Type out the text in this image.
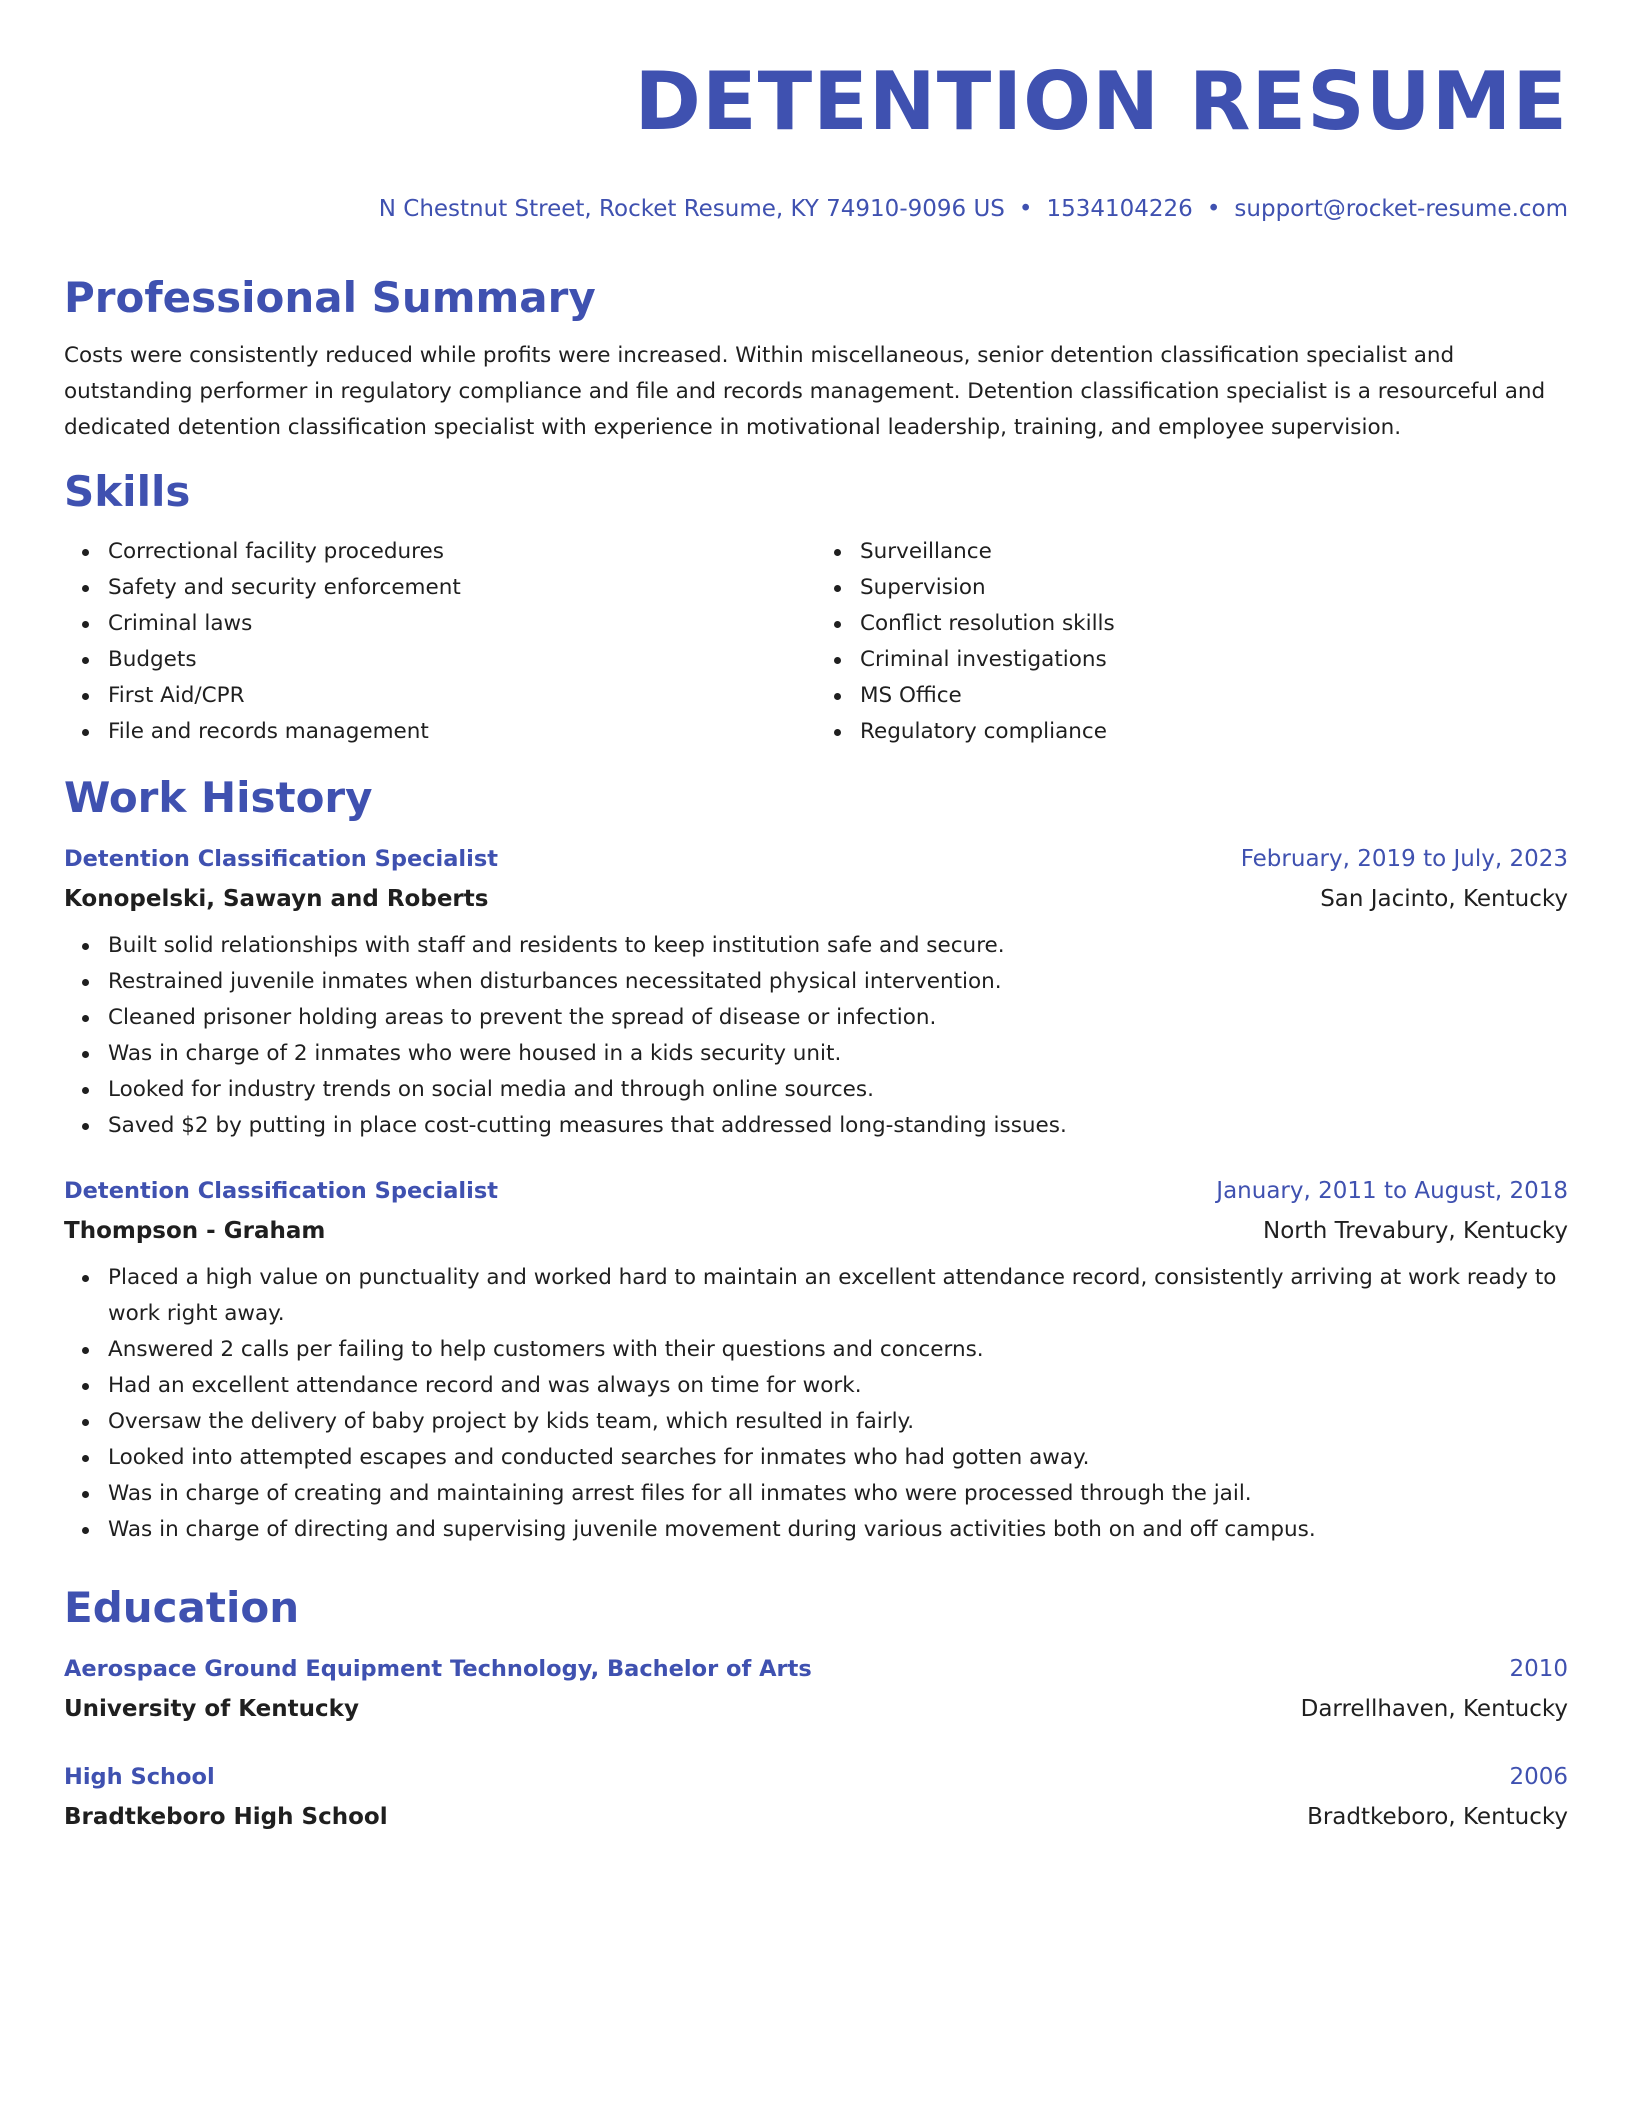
DETENTION RESUME
N Chestnut Street, Rocket Resume, KY 74910-9096 US • 1534104226 • support@rocket-resume.com
Professional Summary

Costs were consistently reduced while profits were increased. Within miscellaneous, senior detention classification specialist and outstanding performer in regulatory compliance and file and records management. Detention classification specialist is a resourceful and dedicated detention classification specialist with experience in motivational leadership, training, and employee supervision.

Skills
Correctional facility procedures
Safety and security enforcement
Criminal laws
Budgets
First Aid/CPR
File and records management
Surveillance
Supervision
Conflict resolution skills
Criminal investigations
MS Office
Regulatory compliance
Work History
Detention Classification Specialist	February, 2019 to July, 2023
Konopelski, Sawayn and Roberts	San Jacinto, Kentucky
Built solid relationships with staff and residents to keep institution safe and secure.
Restrained juvenile inmates when disturbances necessitated physical intervention.
Cleaned prisoner holding areas to prevent the spread of disease or infection.
Was in charge of 2 inmates who were housed in a kids security unit.
Looked for industry trends on social media and through online sources.
Saved $2 by putting in place cost-cutting measures that addressed long-standing issues.
Detention Classification Specialist	January, 2011 to August, 2018
Thompson - Graham	North Trevabury, Kentucky
Placed a high value on punctuality and worked hard to maintain an excellent attendance record, consistently arriving at work ready to work right away.
Answered 2 calls per failing to help customers with their questions and concerns.
Had an excellent attendance record and was always on time for work.
Oversaw the delivery of baby project by kids team, which resulted in fairly.
Looked into attempted escapes and conducted searches for inmates who had gotten away.
Was in charge of creating and maintaining arrest files for all inmates who were processed through the jail.
Was in charge of directing and supervising juvenile movement during various activities both on and off campus.
Education
Aerospace Ground Equipment Technology, Bachelor of Arts	2010
University of Kentucky	Darrellhaven, Kentucky
High School	2006
Bradtkeboro High School	Bradtkeboro, Kentucky
